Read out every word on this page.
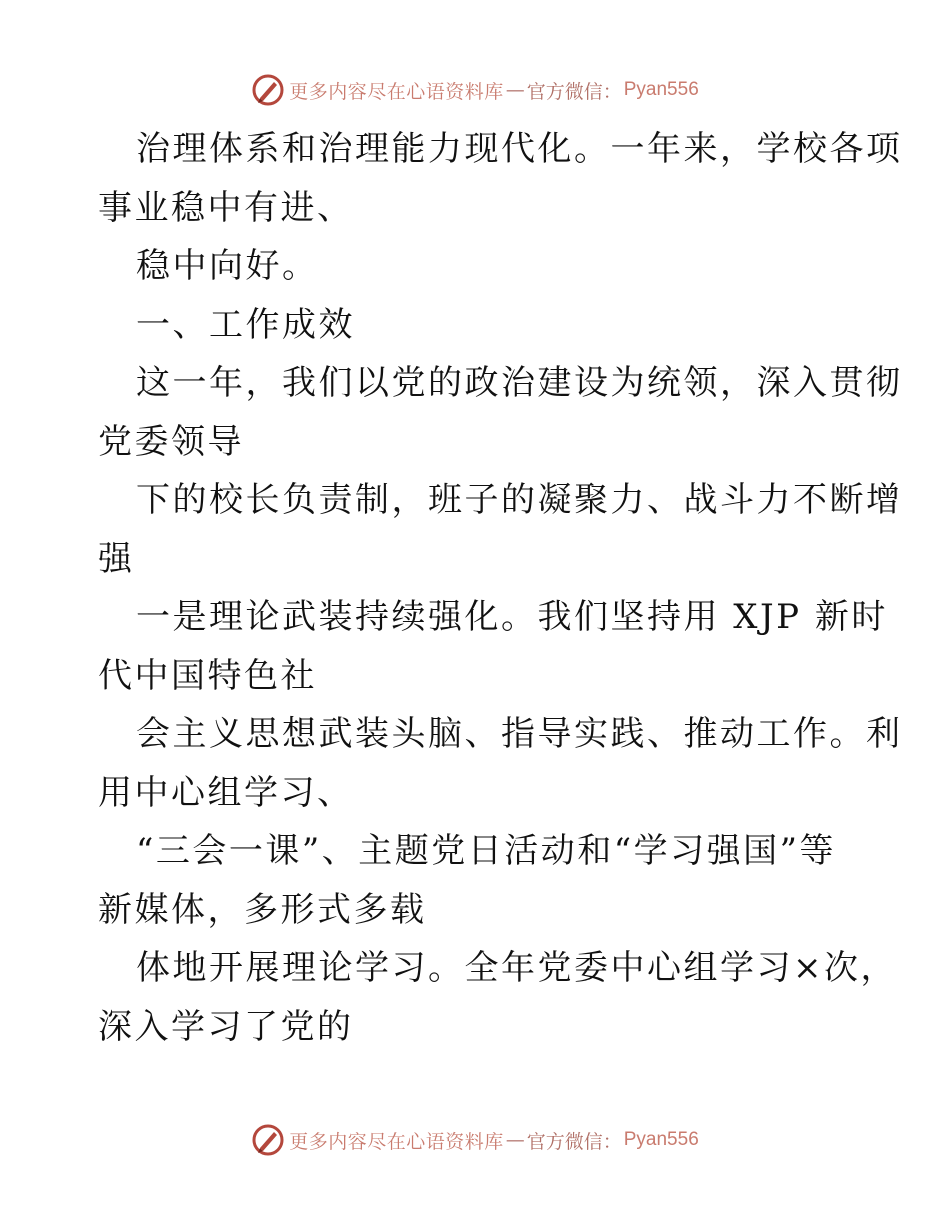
更多内容尽在心语资料库 — 官方微信： Pyan556
治理体系和治理能力现代化。一年来，学校各项
事业稳中有进、
稳中向好。
一、工作成效
这一年，我们以党的政治建设为统领，深入贯彻
党委领导
下的校长负责制，班子的凝聚力、战斗力不断增
强
一是理论武装持续强化。我们坚持用 XJP 新时
代中国特色社
会主义思想武装头脑、指导实践、推动工作。利
用中心组学习、
“三会一课”、主题党日活动和“学习强国”等
新媒体，多形式多载
体地开展理论学习。全年党委中心组学习×次，
深入学习了党的
更多内容尽在心语资料库 — 官方微信： Pyan556
